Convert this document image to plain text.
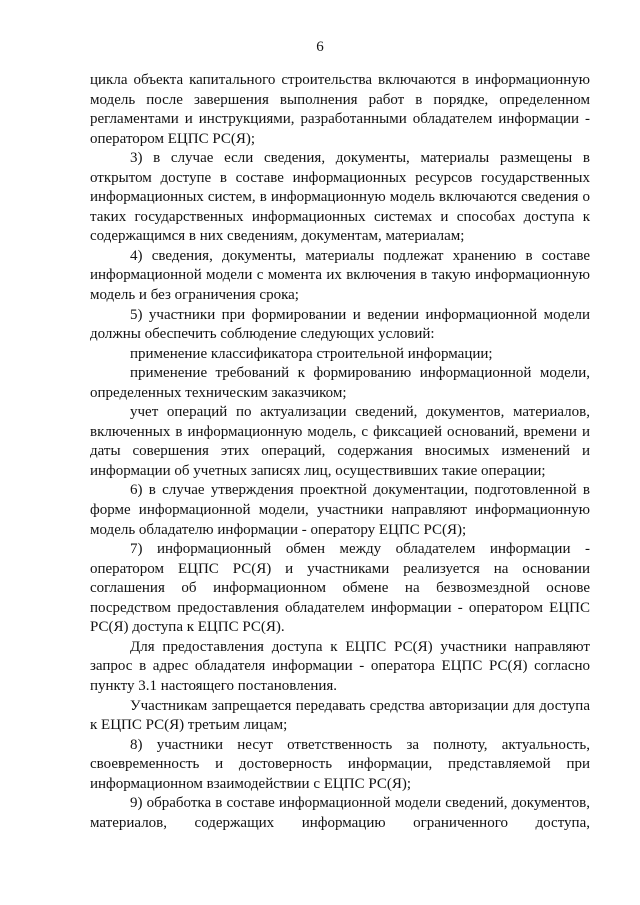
6

цикла объекта капитального строительства включаются в информационную модель после завершения выполнения работ в порядке, определенном регламентами и инструкциями, разработанными обладателем информации - оператором ЕЦПС РС(Я);

3) в случае если сведения, документы, материалы размещены в открытом доступе в составе информационных ресурсов государственных информационных систем, в информационную модель включаются сведения о таких государственных информационных системах и способах доступа к содержащимся в них сведениям, документам, материалам;

4) сведения, документы, материалы подлежат хранению в составе информационной модели с момента их включения в такую информационную модель и без ограничения срока;

5) участники при формировании и ведении информационной модели должны обеспечить соблюдение следующих условий:

применение классификатора строительной информации;

применение требований к формированию информационной модели, определенных техническим заказчиком;

учет операций по актуализации сведений, документов, материалов, включенных в информационную модель, с фиксацией оснований, времени и даты совершения этих операций, содержания вносимых изменений и информации об учетных записях лиц, осуществивших такие операции;

6) в случае утверждения проектной документации, подготовленной в форме информационной модели, участники направляют информационную модель обладателю информации - оператору ЕЦПС РС(Я);

7) информационный обмен между обладателем информации - оператором ЕЦПС РС(Я) и участниками реализуется на основании соглашения об информационном обмене на безвозмездной основе посредством предоставления обладателем информации - оператором ЕЦПС РС(Я) доступа к ЕЦПС РС(Я).

Для предоставления доступа к ЕЦПС РС(Я) участники направляют запрос в адрес обладателя информации - оператора ЕЦПС РС(Я) согласно пункту 3.1 настоящего постановления.

Участникам запрещается передавать средства авторизации для доступа к ЕЦПС РС(Я) третьим лицам;

8) участники несут ответственность за полноту, актуальность, своевременность и достоверность информации, представляемой при информационном взаимодействии с ЕЦПС РС(Я);

9) обработка в составе информационной модели сведений, документов, материалов, содержащих информацию ограниченного доступа,
